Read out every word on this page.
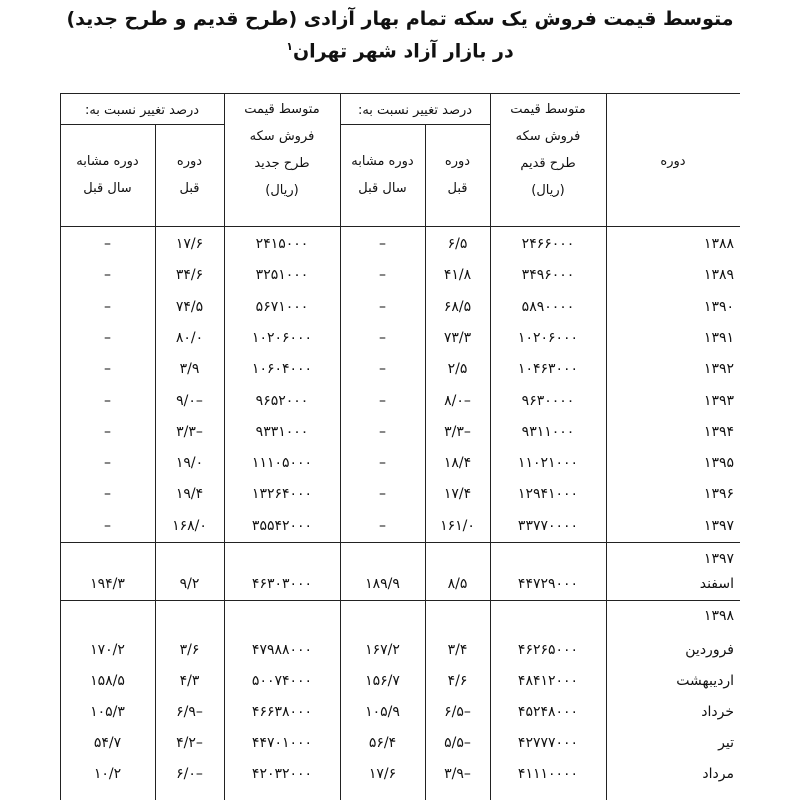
متوسط قیمت فروش یک سکه تمام بهار آزادی (طرح قدیم و طرح جدید)
در بازار آزاد شهر تهران$^۱$
دوره
متوسط قیمت
فروش سکه
طرح قدیم
(ریال)
درصد تغییر نسبت به:
دوره
قبل
دوره مشابه
سال قبل
متوسط قیمت
فروش سکه
طرح جدید
(ریال)
درصد تغییر نسبت به:
دوره
قبل
دوره مشابه
سال قبل
۱۳۸۸
۲۴۶۶۰۰۰
۶/۵
–
۲۴۱۵۰۰۰
۱۷/۶
–
۱۳۸۹
۳۴۹۶۰۰۰
۴۱/۸
–
۳۲۵۱۰۰۰
۳۴/۶
–
۱۳۹۰
۵۸۹۰۰۰۰
۶۸/۵
–
۵۶۷۱۰۰۰
۷۴/۵
–
۱۳۹۱
۱۰۲۰۶۰۰۰
۷۳/۳
–
۱۰۲۰۶۰۰۰
۸۰/۰
–
۱۳۹۲
۱۰۴۶۳۰۰۰
۲/۵
–
۱۰۶۰۴۰۰۰
۳/۹
–
۱۳۹۳
۹۶۳۰۰۰۰
–۸/۰
–
۹۶۵۲۰۰۰
–۹/۰
–
۱۳۹۴
۹۳۱۱۰۰۰
–۳/۳
–
۹۳۳۱۰۰۰
–۳/۳
–
۱۳۹۵
۱۱۰۲۱۰۰۰
۱۸/۴
–
۱۱۱۰۵۰۰۰
۱۹/۰
–
۱۳۹۶
۱۲۹۴۱۰۰۰
۱۷/۴
–
۱۳۲۶۴۰۰۰
۱۹/۴
–
۱۳۹۷
۳۳۷۷۰۰۰۰
۱۶۱/۰
–
۳۵۵۴۲۰۰۰
۱۶۸/۰
–
۱۳۹۷
اسفند
۴۴۷۲۹۰۰۰
۸/۵
۱۸۹/۹
۴۶۳۰۳۰۰۰
۹/۲
۱۹۴/۳
۱۳۹۸
فروردین
۴۶۲۶۵۰۰۰
۳/۴
۱۶۷/۲
۴۷۹۸۸۰۰۰
۳/۶
۱۷۰/۲
اردیبهشت
۴۸۴۱۲۰۰۰
۴/۶
۱۵۶/۷
۵۰۰۷۴۰۰۰
۴/۳
۱۵۸/۵
خرداد
۴۵۲۴۸۰۰۰
–۶/۵
۱۰۵/۹
۴۶۶۳۸۰۰۰
–۶/۹
۱۰۵/۳
تیر
۴۲۷۷۷۰۰۰
–۵/۵
۵۶/۴
۴۴۷۰۱۰۰۰
–۴/۲
۵۴/۷
مرداد
۴۱۱۱۰۰۰۰
–۳/۹
۱۷/۶
۴۲۰۳۲۰۰۰
–۶/۰
۱۰/۲
